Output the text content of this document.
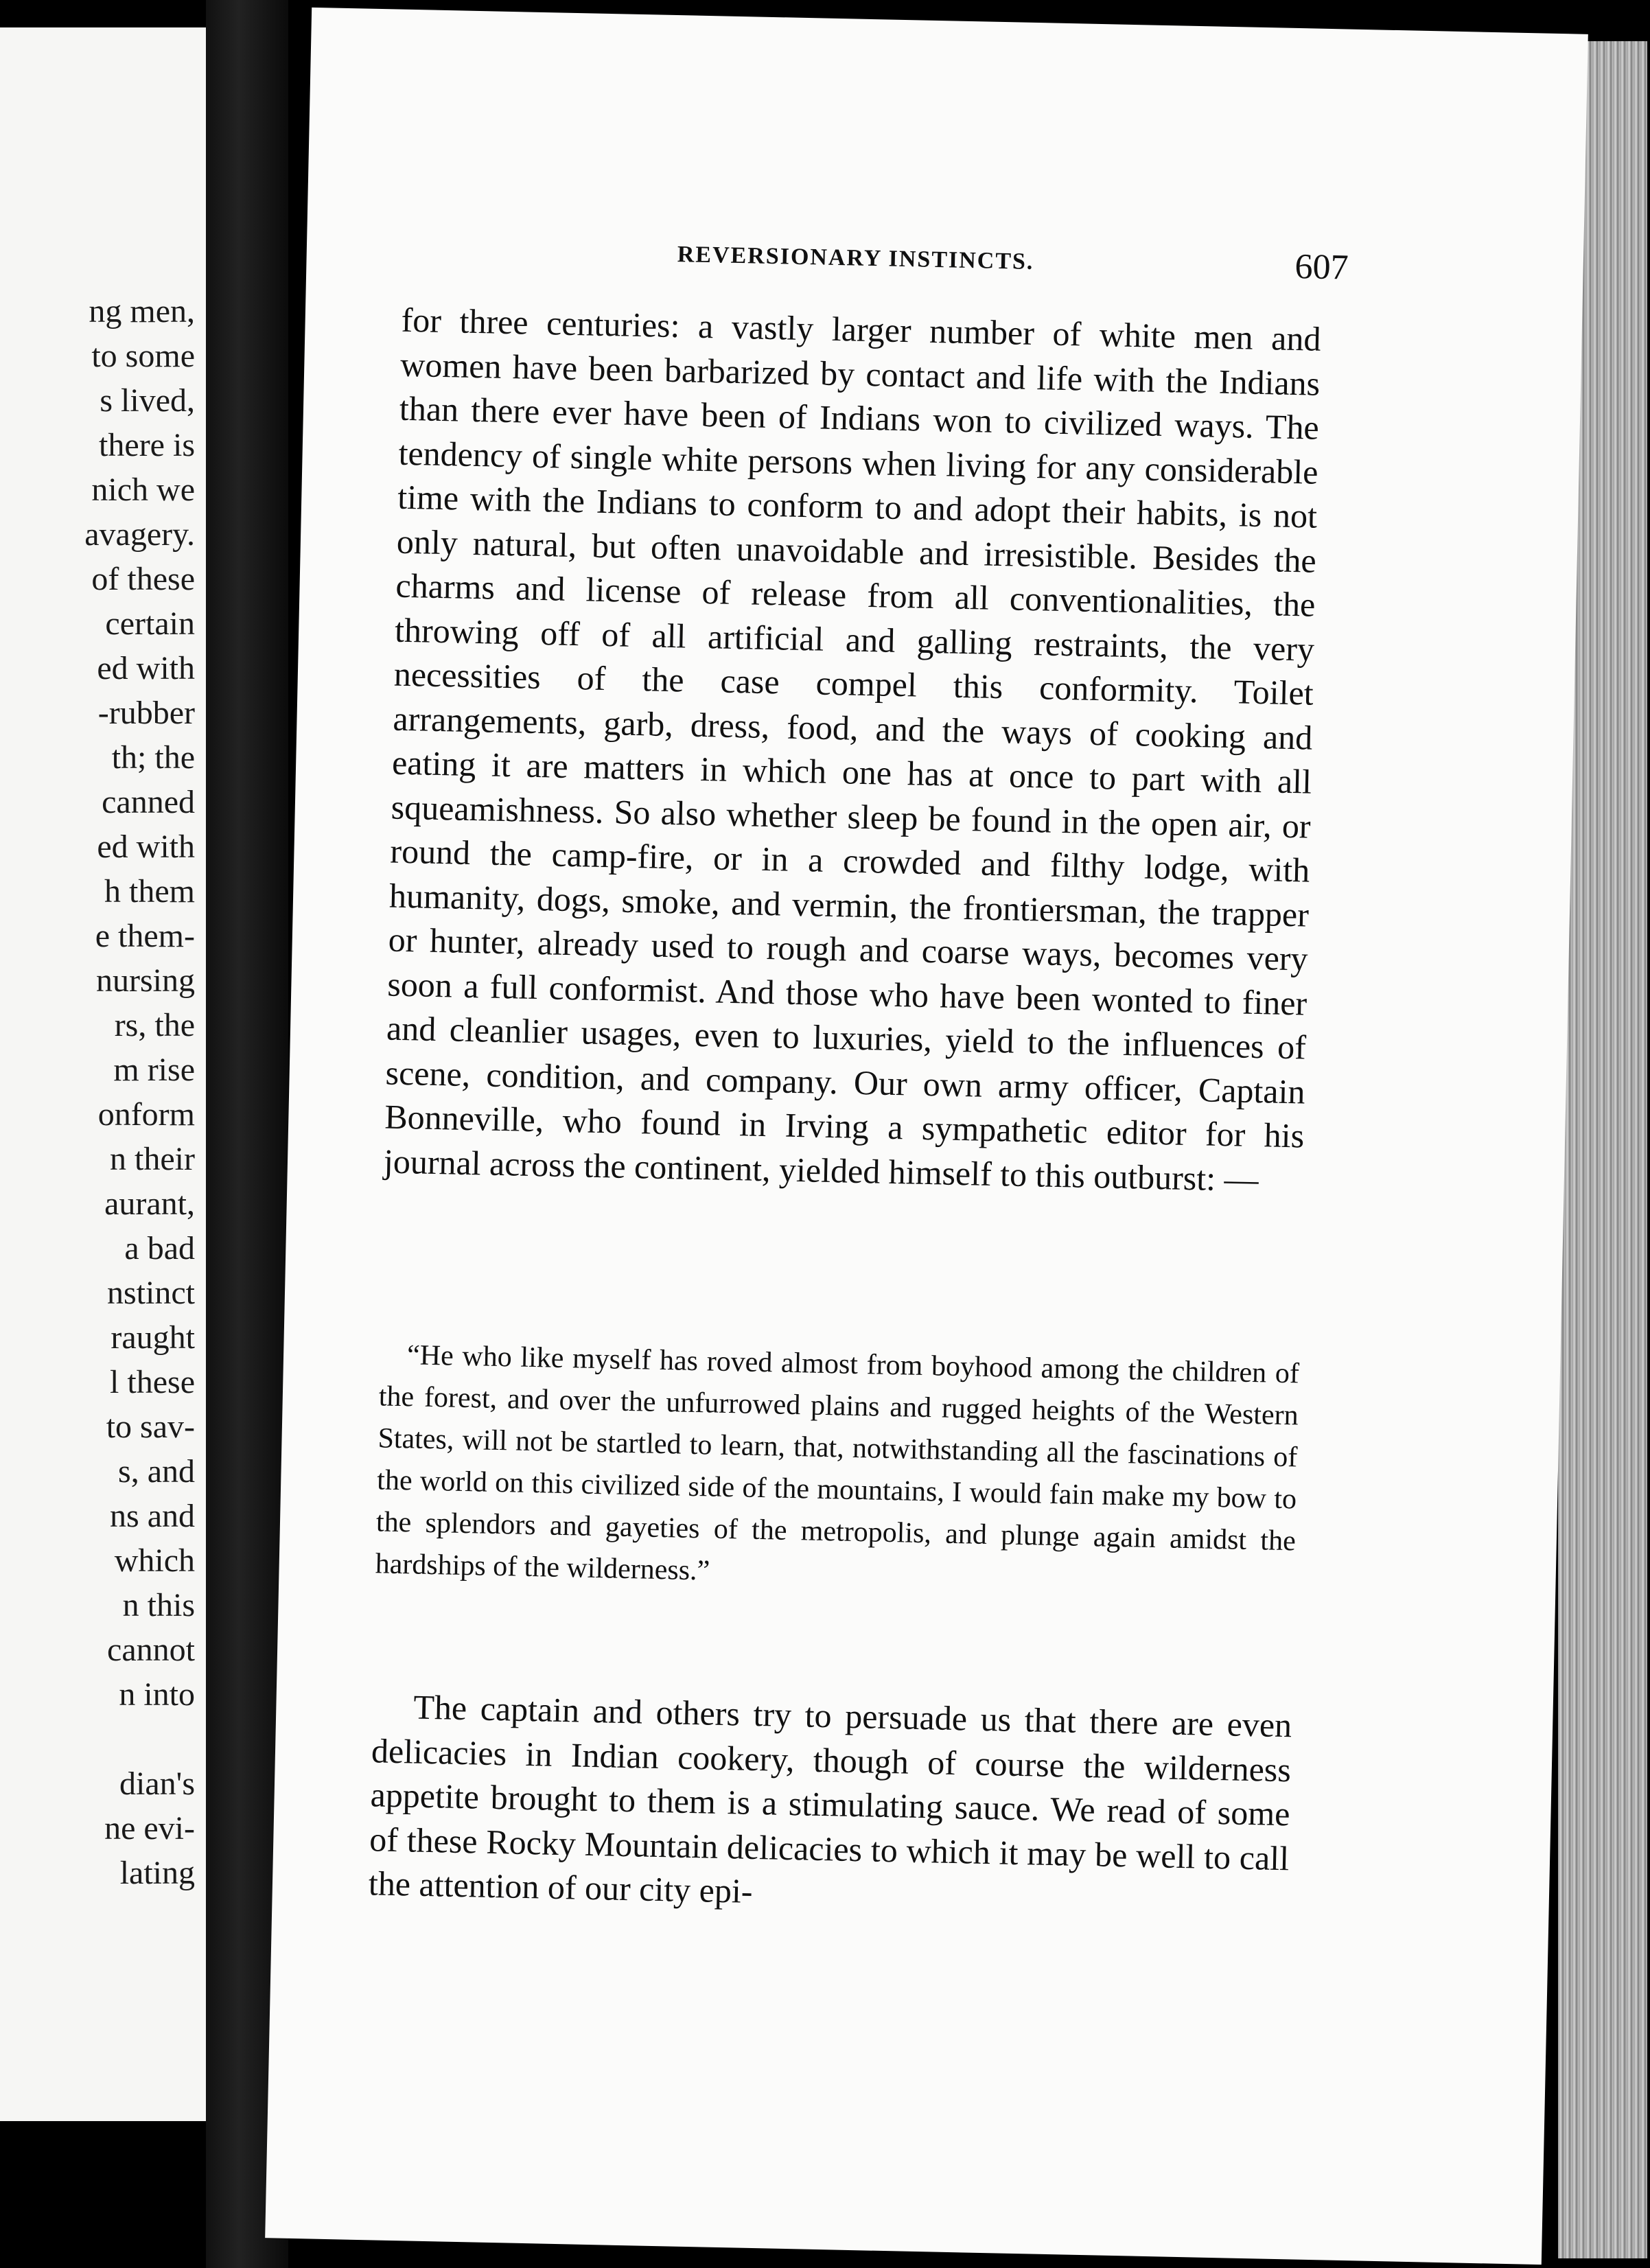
ng men,
to some
s lived,
there is
nich we
avagery.
of these
certain
ed with
-rubber
th; the
canned
ed with
h them
e them-
nursing
rs, the
m rise
onform
n their
aurant,
a bad
nstinct
raught
l these
to sav-
s, and
ns and
which
n this
cannot
n into
dian's
ne evi-
lating
REVERSIONARY INSTINCTS.	607

for three centuries: a vastly larger number of white men and women have been barbarized by contact and life with the Indians than there ever have been of Indians won to civilized ways. The tendency of single white persons when living for any considerable time with the Indians to conform to and adopt their habits, is not only natural, but often unavoidable and irresistible. Besides the charms and license of release from all conventionalities, the throwing off of all artificial and galling restraints, the very necessities of the case compel this conformity. Toilet arrangements, garb, dress, food, and the ways of cooking and eating it are matters in which one has at once to part with all squeamishness. So also whether sleep be found in the open air, or round the camp-fire, or in a crowded and filthy lodge, with humanity, dogs, smoke, and vermin, the frontiersman, the trapper or hunter, already used to rough and coarse ways, becomes very soon a full conformist. And those who have been wonted to finer and cleanlier usages, even to luxuries, yield to the influences of scene, condition, and company. Our own army officer, Captain Bonneville, who found in Irving a sympathetic editor for his journal across the continent, yielded himself to this outburst: —

“He who like myself has roved almost from boyhood among the children of the forest, and over the unfurrowed plains and rugged heights of the Western States, will not be startled to learn, that, notwithstanding all the fascinations of the world on this civilized side of the mountains, I would fain make my bow to the splendors and gayeties of the metropolis, and plunge again amidst the hardships of the wilderness.”

The captain and others try to persuade us that there are even delicacies in Indian cookery, though of course the wilderness appetite brought to them is a stimulating sauce. We read of some of these Rocky Mountain delicacies to which it may be well to call the attention of our city epi-
